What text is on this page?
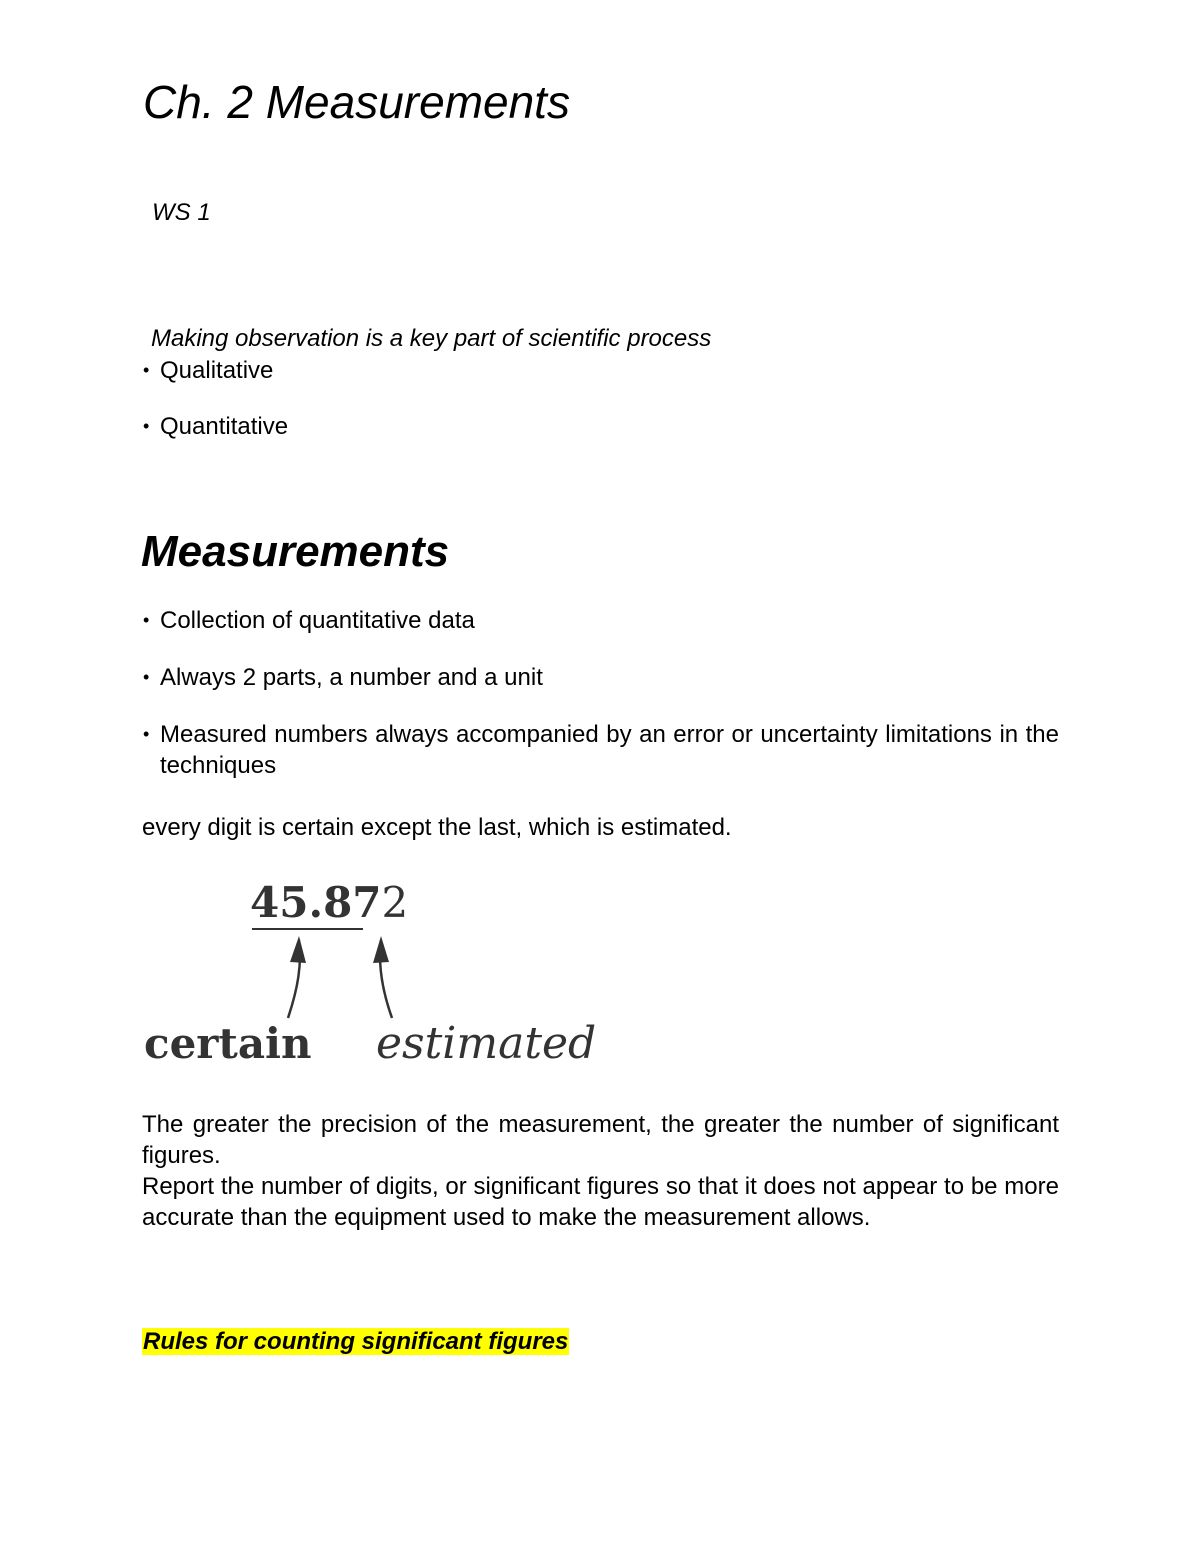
Ch. 2 Measurements

WS 1

Making observation is a key part of scientific process

• Qualitative
• Quantitative
Measurements
• Collection of quantitative data
• Always 2 parts, a number and a unit
• Measured numbers always accompanied by an error or uncertainty limitations in the techniques

every digit is certain except the last, which is estimated.

45.872
certain estimated

The greater the precision of the measurement, the greater the number of significant figures.

Report the number of digits, or significant figures so that it does not appear to be more accurate than the equipment used to make the measurement allows.

Rules for counting significant figures
